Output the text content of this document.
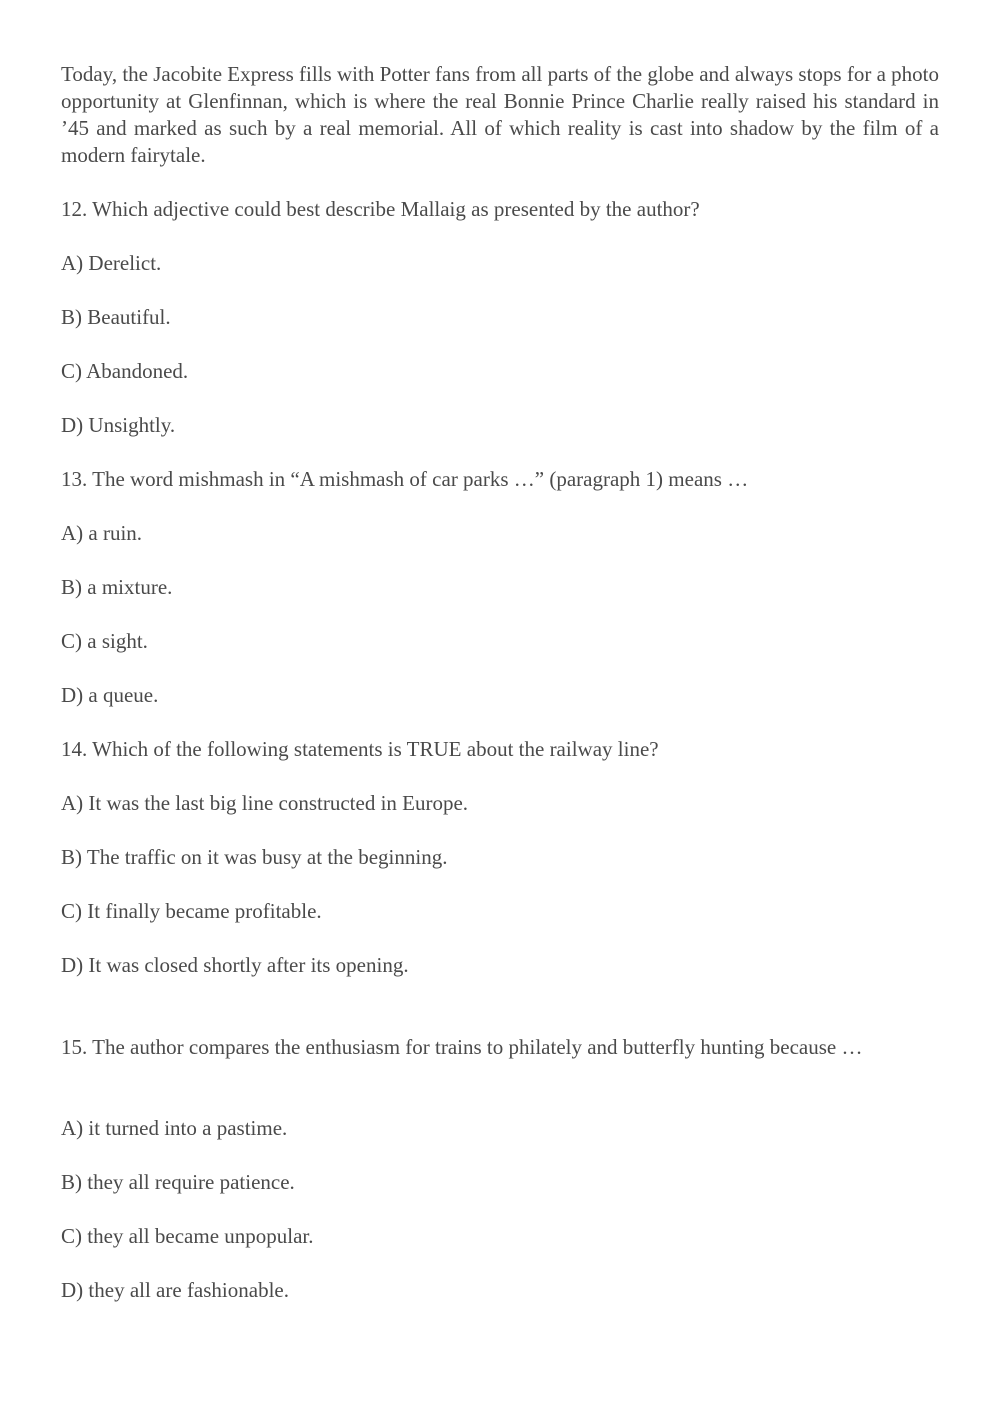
Today, the Jacobite Express fills with Potter fans from all parts of the globe and always stops for a photo opportunity at Glenfinnan, which is where the real Bonnie Prince Charlie really raised his standard in ’45 and marked as such by a real memorial. All of which reality is cast into shadow by the film of a modern fairytale.

12. Which adjective could best describe Mallaig as presented by the author?

A) Derelict.

B) Beautiful.

C) Abandoned.

D) Unsightly.

13. The word mishmash in “A mishmash of car parks …” (paragraph 1) means …

A) a ruin.

B) a mixture.

C) a sight.

D) a queue.

14. Which of the following statements is TRUE about the railway line?

A) It was the last big line constructed in Europe.

B) The traffic on it was busy at the beginning.

C) It finally became profitable.

D) It was closed shortly after its opening.

15. The author compares the enthusiasm for trains to philately and butterfly hunting because …

A) it turned into a pastime.

B) they all require patience.

C) they all became unpopular.

D) they all are fashionable.
